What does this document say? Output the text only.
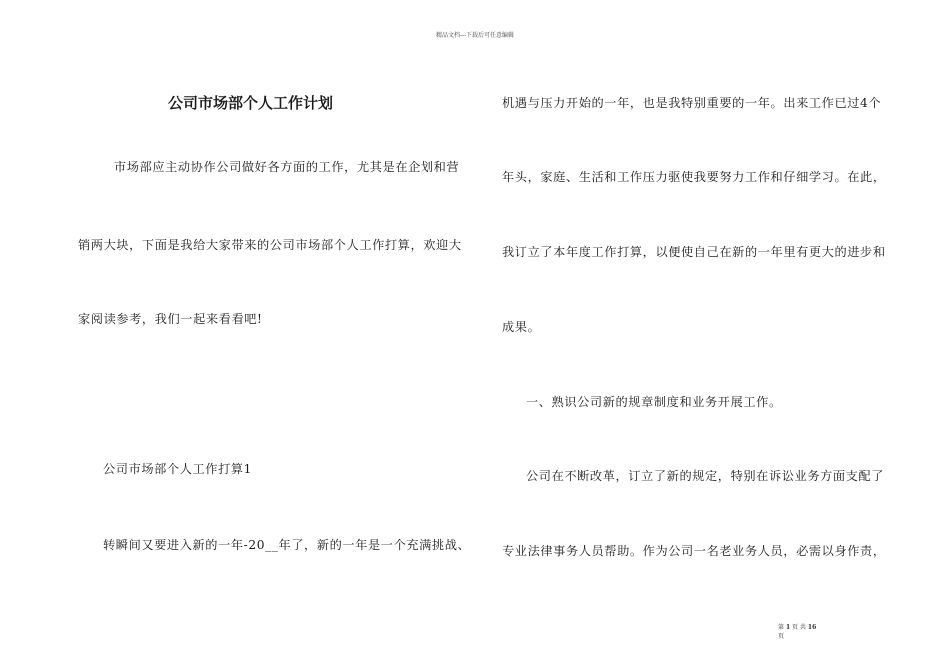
精品文档---下载后可任意编辑
公司市场部个人工作计划
市场部应主动协作公司做好各方面的工作，尤其是在企划和营
销两大块，下面是我给大家带来的公司市场部个人工作打算，欢迎大
家阅读参考，我们一起来看看吧!
公司市场部个人工作打算1
转瞬间又要进入新的一年-20__年了，新的一年是一个充满挑战、
机遇与压力开始的一年，也是我特别重要的一年。出来工作已过4个
年头，家庭、生活和工作压力驱使我要努力工作和仔细学习。在此，
我订立了本年度工作打算，以便使自己在新的一年里有更大的进步和
成果。
一、熟识公司新的规章制度和业务开展工作。
公司在不断改革，订立了新的规定，特别在诉讼业务方面支配了
专业法律事务人员帮助。作为公司一名老业务人员，必需以身作责，
第 1 页 共 16
页
